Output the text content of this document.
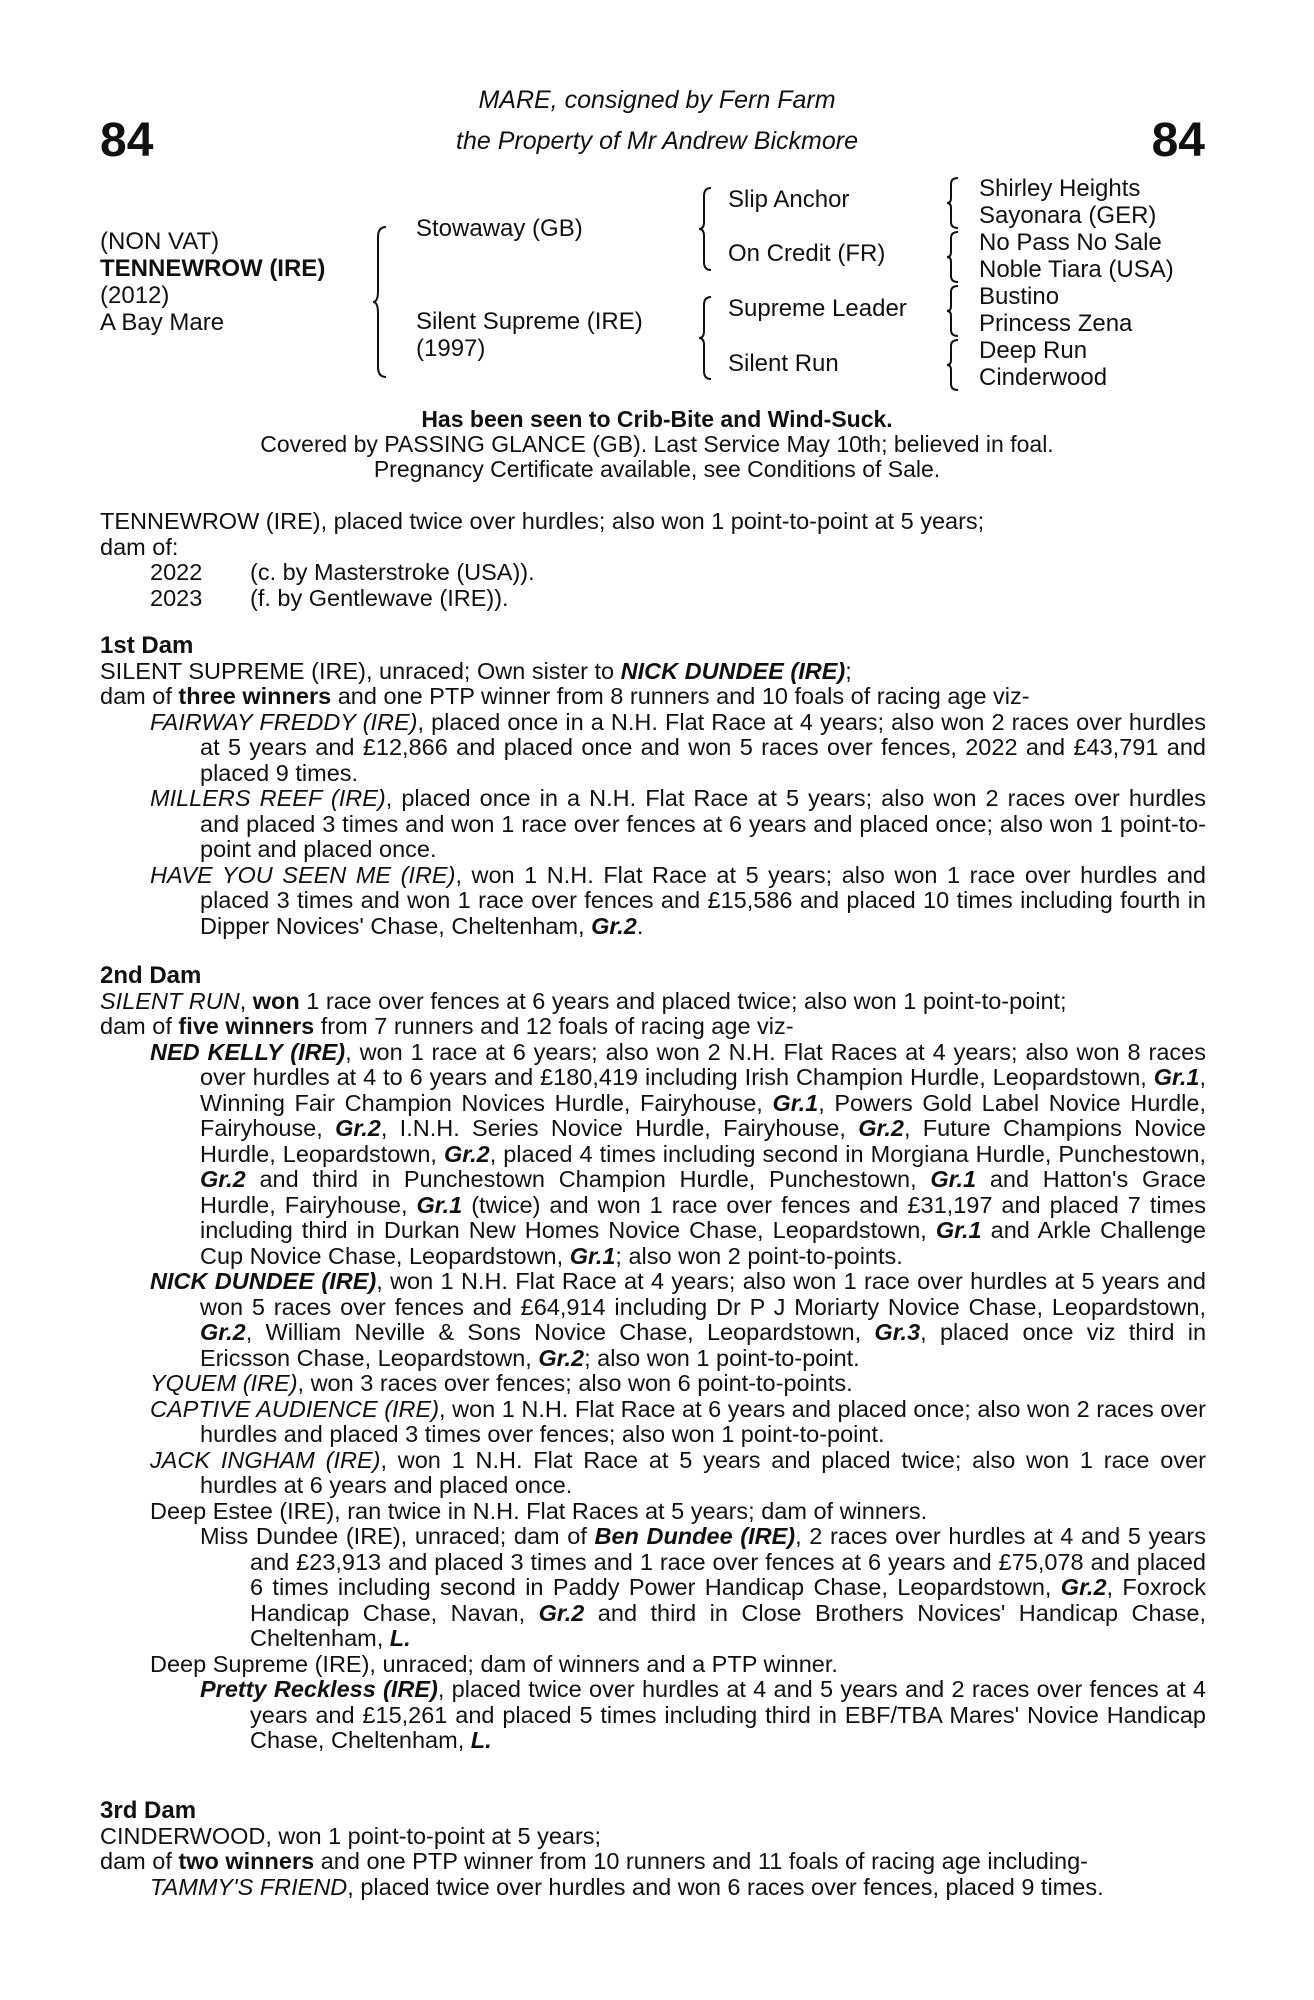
84	84
MARE, consigned by Fern Farm
the Property of Mr Andrew Bickmore
(NON VAT)
TENNEWROW (IRE)
(2012)
A Bay Mare
Stowaway (GB)
Silent Supreme (IRE)
(1997)
Slip Anchor
On Credit (FR)
Supreme Leader
Silent Run
Shirley Heights
Sayonara (GER)
No Pass No Sale
Noble Tiara (USA)
Bustino
Princess Zena
Deep Run
Cinderwood
Has been seen to Crib-Bite and Wind-Suck.
Covered by PASSING GLANCE (GB). Last Service May 10th; believed in foal.
Pregnancy Certificate available, see Conditions of Sale.

TENNEWROW (IRE), placed twice over hurdles; also won 1 point-to-point at 5 years;

dam of:

2022 (c. by Masterstroke (USA)).

2023 (f. by Gentlewave (IRE)).

1st Dam

SILENT SUPREME (IRE), unraced; Own sister to NICK DUNDEE (IRE);

dam of three winners and one PTP winner from 8 runners and 10 foals of racing age viz-

FAIRWAY FREDDY (IRE), placed once in a N.H. Flat Race at 4 years; also won 2 races over hurdles at 5 years and £12,866 and placed once and won 5 races over fences, 2022 and £43,791 and placed 9 times.

MILLERS REEF (IRE), placed once in a N.H. Flat Race at 5 years; also won 2 races over hurdles and placed 3 times and won 1 race over fences at 6 years and placed once; also won 1 point-to-point and placed once.

HAVE YOU SEEN ME (IRE), won 1 N.H. Flat Race at 5 years; also won 1 race over hurdles and placed 3 times and won 1 race over fences and £15,586 and placed 10 times including fourth in Dipper Novices' Chase, Cheltenham, Gr.2.

2nd Dam

SILENT RUN, won 1 race over fences at 6 years and placed twice; also won 1 point-to-point;

dam of five winners from 7 runners and 12 foals of racing age viz-

NED KELLY (IRE), won 1 race at 6 years; also won 2 N.H. Flat Races at 4 years; also won 8 races over hurdles at 4 to 6 years and £180,419 including Irish Champion Hurdle, Leopardstown, Gr.1, Winning Fair Champion Novices Hurdle, Fairyhouse, Gr.1, Powers Gold Label Novice Hurdle, Fairyhouse, Gr.2, I.N.H. Series Novice Hurdle, Fairyhouse, Gr.2, Future Champions Novice Hurdle, Leopardstown, Gr.2, placed 4 times including second in Morgiana Hurdle, Punchestown, Gr.2 and third in Punchestown Champion Hurdle, Punchestown, Gr.1 and Hatton's Grace Hurdle, Fairyhouse, Gr.1 (twice) and won 1 race over fences and £31,197 and placed 7 times including third in Durkan New Homes Novice Chase, Leopardstown, Gr.1 and Arkle Challenge Cup Novice Chase, Leopardstown, Gr.1; also won 2 point-to-points.

NICK DUNDEE (IRE), won 1 N.H. Flat Race at 4 years; also won 1 race over hurdles at 5 years and won 5 races over fences and £64,914 including Dr P J Moriarty Novice Chase, Leopardstown, Gr.2, William Neville & Sons Novice Chase, Leopardstown, Gr.3, placed once viz third in Ericsson Chase, Leopardstown, Gr.2; also won 1 point-to-point.

YQUEM (IRE), won 3 races over fences; also won 6 point-to-points.

CAPTIVE AUDIENCE (IRE), won 1 N.H. Flat Race at 6 years and placed once; also won 2 races over hurdles and placed 3 times over fences; also won 1 point-to-point.

JACK INGHAM (IRE), won 1 N.H. Flat Race at 5 years and placed twice; also won 1 race over hurdles at 6 years and placed once.

Deep Estee (IRE), ran twice in N.H. Flat Races at 5 years; dam of winners.

Miss Dundee (IRE), unraced; dam of Ben Dundee (IRE), 2 races over hurdles at 4 and 5 years and £23,913 and placed 3 times and 1 race over fences at 6 years and £75,078 and placed 6 times including second in Paddy Power Handicap Chase, Leopardstown, Gr.2, Foxrock Handicap Chase, Navan, Gr.2 and third in Close Brothers Novices' Handicap Chase, Cheltenham, L.

Deep Supreme (IRE), unraced; dam of winners and a PTP winner.

Pretty Reckless (IRE), placed twice over hurdles at 4 and 5 years and 2 races over fences at 4 years and £15,261 and placed 5 times including third in EBF/TBA Mares' Novice Handicap Chase, Cheltenham, L.

3rd Dam

CINDERWOOD, won 1 point-to-point at 5 years;

dam of two winners and one PTP winner from 10 runners and 11 foals of racing age including-

TAMMY'S FRIEND, placed twice over hurdles and won 6 races over fences, placed 9 times.
